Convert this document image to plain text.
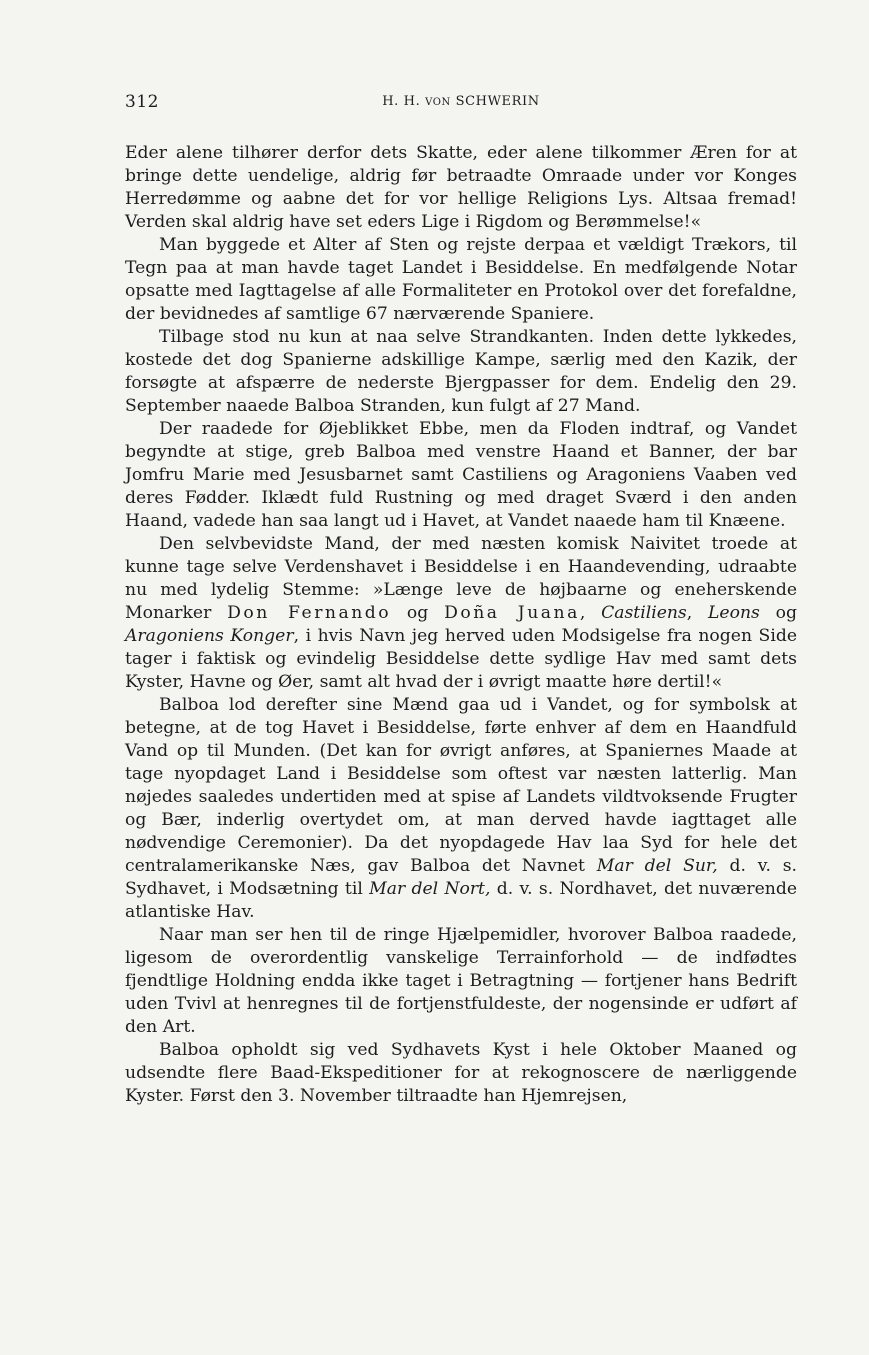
312	H. H. VON SCHWERIN

Eder alene tilhører derfor dets Skatte, eder alene tilkommer Æren for at bringe dette uendelige, aldrig før betraadte Omraade under vor Konges Herredømme og aabne det for vor hellige Religions Lys. Altsaa fremad! Verden skal aldrig have set eders Lige i Rigdom og Berømmelse!«

Man byggede et Alter af Sten og rejste derpaa et vældigt Trækors, til Tegn paa at man havde taget Landet i Besiddelse. En medfølgende Notar opsatte med Iagttagelse af alle Formaliteter en Protokol over det forefaldne, der bevidnedes af samtlige 67 nærværende Spaniere.

Tilbage stod nu kun at naa selve Strandkanten. Inden dette lykkedes, kostede det dog Spanierne adskillige Kampe, særlig med den Kazik, der forsøgte at afspærre de nederste Bjergpasser for dem. Endelig den 29. September naaede Balboa Stranden, kun fulgt af 27 Mand.

Der raadede for Øjeblikket Ebbe, men da Floden indtraf, og Vandet begyndte at stige, greb Balboa med venstre Haand et Banner, der bar Jomfru Marie med Jesusbarnet samt Castiliens og Aragoniens Vaaben ved deres Fødder. Iklædt fuld Rustning og med draget Sværd i den anden Haand, vadede han saa langt ud i Havet, at Vandet naaede ham til Knæene.

Den selvbevidste Mand, der med næsten komisk Naivitet troede at kunne tage selve Verdenshavet i Besiddelse i en Haandevending, udraabte nu med lydelig Stemme: »Længe leve de højbaarne og eneherskende Monarker Don Fernando og Doña Juana, Castiliens, Leons og Aragoniens Konger, i hvis Navn jeg herved uden Modsigelse fra nogen Side tager i faktisk og evindelig Besiddelse dette sydlige Hav med samt dets Kyster, Havne og Øer, samt alt hvad der i øvrigt maatte høre dertil!«

Balboa lod derefter sine Mænd gaa ud i Vandet, og for symbolsk at betegne, at de tog Havet i Besiddelse, førte enhver af dem en Haandfuld Vand op til Munden. (Det kan for øvrigt anføres, at Spaniernes Maade at tage nyopdaget Land i Besiddelse som oftest var næsten latterlig. Man nøjedes saaledes undertiden med at spise af Landets vildtvoksende Frugter og Bær, inderlig overtydet om, at man derved havde iagttaget alle nødvendige Ceremonier). Da det nyopdagede Hav laa Syd for hele det centralamerikanske Næs, gav Balboa det Navnet Mar del Sur, d. v. s. Sydhavet, i Modsætning til Mar del Nort, d. v. s. Nordhavet, det nuværende atlantiske Hav.

Naar man ser hen til de ringe Hjælpemidler, hvorover Balboa raadede, ligesom de overordentlig vanskelige Terrainforhold — de indfødtes fjendtlige Holdning endda ikke taget i Betragtning — fortjener hans Bedrift uden Tvivl at henregnes til de fortjenstfuldeste, der nogensinde er udført af den Art.

Balboa opholdt sig ved Sydhavets Kyst i hele Oktober Maaned og udsendte flere Baad-Ekspeditioner for at rekognoscere de nærliggende Kyster. Først den 3. November tiltraadte han Hjemrejsen,
